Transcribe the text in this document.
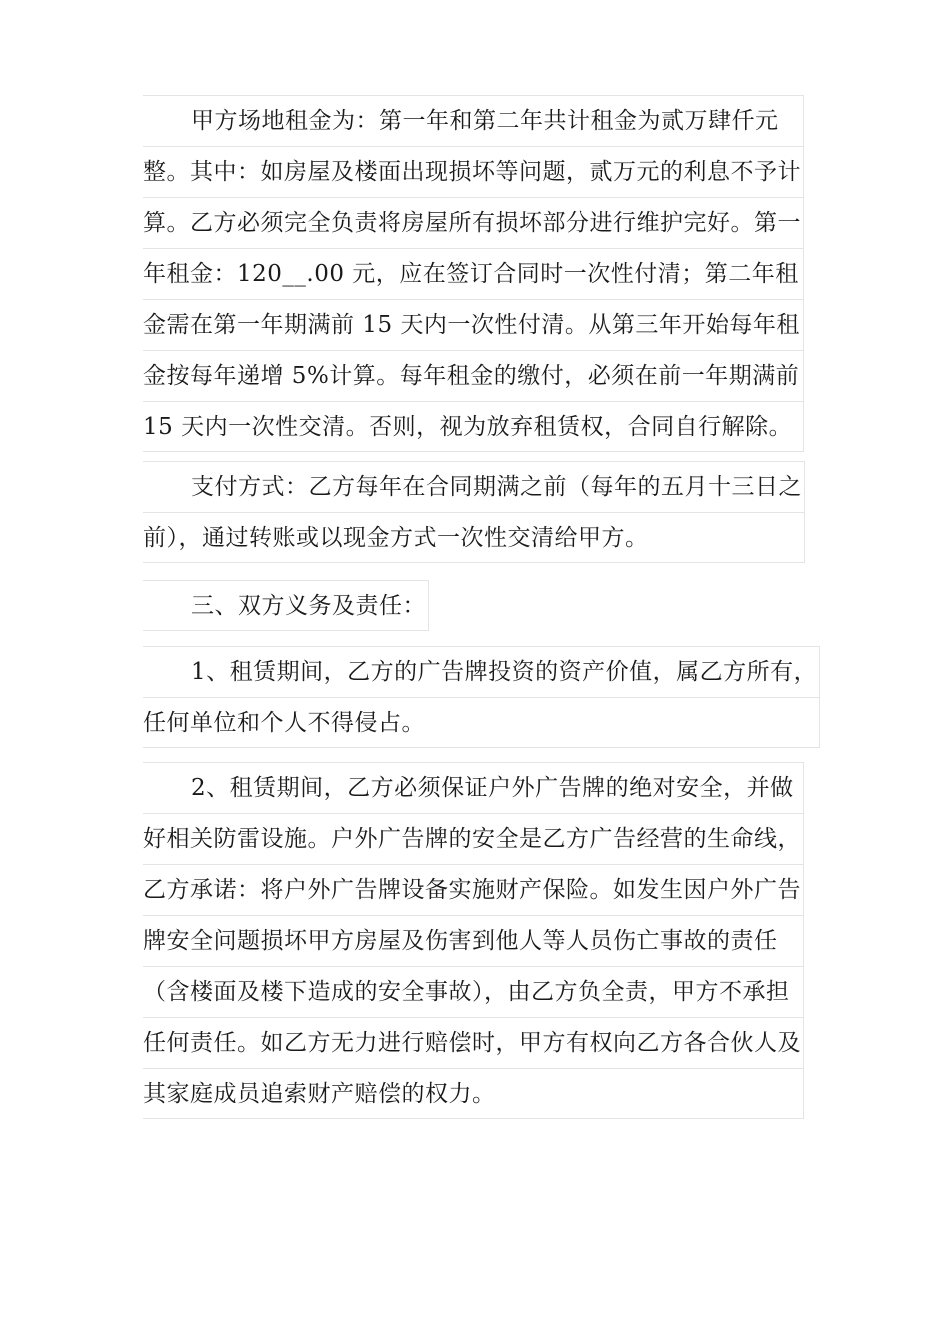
甲方场地租金为：第一年和第二年共计租金为贰万肆仟元
整。其中：如房屋及楼面出现损坏等问题，贰万元的利息不予计
算。乙方必须完全负责将房屋所有损坏部分进行维护完好。第一
年租金：120__.00 元，应在签订合同时一次性付清；第二年租
金需在第一年期满前 15 天内一次性付清。从第三年开始每年租
金按每年递增 5%计算。每年租金的缴付，必须在前一年期满前
15 天内一次性交清。否则，视为放弃租赁权，合同自行解除。
支付方式：乙方每年在合同期满之前（每年的五月十三日之
前），通过转账或以现金方式一次性交清给甲方。
三、双方义务及责任：
1、租赁期间，乙方的广告牌投资的资产价值，属乙方所有，
任何单位和个人不得侵占。
2、租赁期间，乙方必须保证户外广告牌的绝对安全，并做
好相关防雷设施。户外广告牌的安全是乙方广告经营的生命线，
乙方承诺：将户外广告牌设备实施财产保险。如发生因户外广告
牌安全问题损坏甲方房屋及伤害到他人等人员伤亡事故的责任
（含楼面及楼下造成的安全事故），由乙方负全责，甲方不承担
任何责任。如乙方无力进行赔偿时，甲方有权向乙方各合伙人及
其家庭成员追索财产赔偿的权力。
